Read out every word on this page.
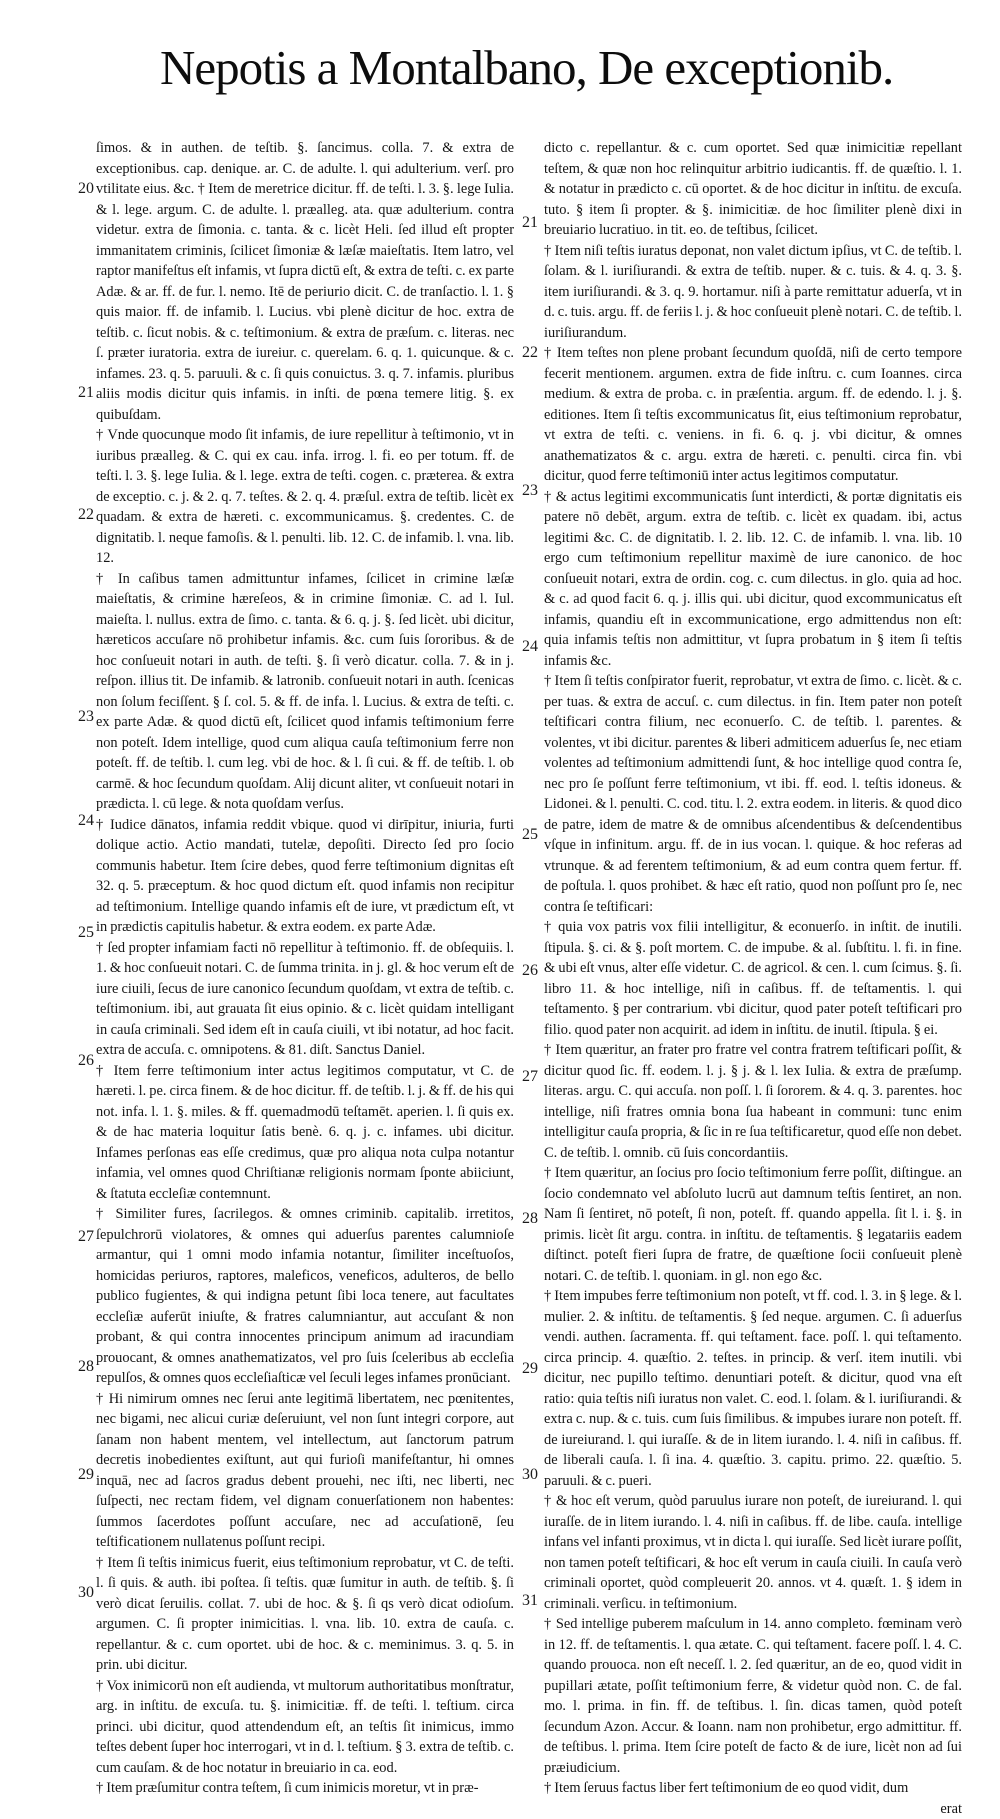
Nepotis a Montalbano, De exceptionib.

ſimos. & in authen. de teſtib. §. ſancimus. colla. 7. & extra de exceptionibus. cap. denique. ar. C. de adulte. l. qui adulterium. verſ. pro vtilitate eius. &c. † Item de meretrice dicitur. ff. de teſti. l. 3. §. lege Iulia. & l. lege. argum. C. de adulte. l. præalleg. ata. quæ adulterium. contra videtur. extra de ſimonia. c. tanta. & c. licèt Heli. ſed illud eſt propter immanitatem criminis, ſcilicet ſimoniæ & læſæ maieſtatis. Item latro, vel raptor manifeſtus eſt infamis, vt ſupra dictū eſt, & extra de teſti. c. ex parte Adæ. & ar. ff. de fur. l. nemo. Itē de periurio dicit. C. de tranſactio. l. 1. § quis maior. ff. de infamib. l. Lucius. vbi plenè dicitur de hoc. extra de teſtib. c. ſicut nobis. & c. teſtimonium. & extra de præſum. c. literas. nec ſ. præter iuratoria. extra de iureiur. c. querelam. 6. q. 1. quicunque. & c. infames. 23. q. 5. paruuli. & c. ſi quis conuictus. 3. q. 7. infamis. pluribus aliis modis dicitur quis infamis. in inſti. de pœna temere litig. §. ex quibuſdam.

† Vnde quocunque modo ſit infamis, de iure repellitur à teſtimonio, vt in iuribus præalleg. & C. qui ex cau. infa. irrog. l. fi. eo per totum. ff. de teſti. l. 3. §. lege Iulia. & l. lege. extra de teſti. cogen. c. præterea. & extra de exceptio. c. j. & 2. q. 7. teſtes. & 2. q. 4. præſul. extra de teſtib. licèt ex quadam. & extra de hæreti. c. excommunicamus. §. credentes. C. de dignitatib. l. neque famoſis. & l. penulti. lib. 12. C. de infamib. l. vna. lib. 12.

† In caſibus tamen admittuntur infames, ſcilicet in crimine læſæ maieſtatis, & crimine hæreſeos, & in crimine ſimoniæ. C. ad l. Iul. maieſta. l. nullus. extra de ſimo. c. tanta. & 6. q. j. §. ſed licèt. ubi dicitur, hæreticos accuſare nō prohibetur infamis. &c. cum ſuis ſororibus. & de hoc conſueuit notari in auth. de teſti. §. ſi verò dicatur. colla. 7. & in j. reſpon. illius tit. De infamib. & latronib. conſueuit notari in auth. ſcenicas non ſolum feciſſent. § ſ. col. 5. & ff. de infa. l. Lucius. & extra de teſti. c. ex parte Adæ. & quod dictū eſt, ſcilicet quod infamis teſtimonium ferre non poteſt. Idem intellige, quod cum aliqua cauſa teſtimonium ferre non poteſt. ff. de teſtib. l. cum leg. vbi de hoc. & l. ſi cui. & ff. de teſtib. l. ob carmē. & hoc ſecundum quoſdam. Alij dicunt aliter, vt conſueuit notari in prædicta. l. cū lege. & nota quoſdam verſus.

† Iudice dānatos, infamia reddit vbique. quod vi dirīpitur, iniuria, furti dolique actio. Actio mandati, tutelæ, depoſiti. Directo ſed pro ſocio communis habetur. Item ſcire debes, quod ferre teſtimonium dignitas eſt 32. q. 5. præceptum. & hoc quod dictum eſt. quod infamis non recipitur ad teſtimonium. Intellige quando infamis eſt de iure, vt prædictum eſt, vt in prædictis capitulis habetur. & extra eodem. ex parte Adæ.

† ſed propter infamiam facti nō repellitur à teſtimonio. ff. de obſequiis. l. 1. & hoc conſueuit notari. C. de ſumma trinita. in j. gl. & hoc verum eſt de iure ciuili, ſecus de iure canonico ſecundum quoſdam, vt extra de teſtib. c. teſtimonium. ibi, aut grauata ſit eius opinio. & c. licèt quidam intelligant in cauſa criminali. Sed idem eſt in cauſa ciuili, vt ibi notatur, ad hoc facit. extra de accuſa. c. omnipotens. & 81. diſt. Sanctus Daniel.

† Item ferre teſtimonium inter actus legitimos computatur, vt C. de hæreti. l. pe. circa finem. & de hoc dicitur. ff. de teſtib. l. j. & ff. de his qui not. infa. l. 1. §. miles. & ff. quemadmodū teſtamēt. aperien. l. ſi quis ex. & de hac materia loquitur ſatis benè. 6. q. j. c. infames. ubi dicitur. Infames perſonas eas eſſe credimus, quæ pro aliqua nota culpa notantur infamia, vel omnes quod Chriſtianæ religionis normam ſponte abiiciunt, & ſtatuta eccleſiæ contemnunt.

† Similiter fures, ſacrilegos. & omnes criminib. capitalib. irretitos, ſepulchrorū violatores, & omnes qui aduerſus parentes calumnioſe armantur, qui 1 omni modo infamia notantur, ſimiliter inceſtuoſos, homicidas periuros, raptores, maleficos, veneficos, adulteros, de bello publico fugientes, & qui indigna petunt ſibi loca tenere, aut facultates eccleſiæ auferūt iniuſte, & fratres calumniantur, aut accuſant & non probant, & qui contra innocentes principum animum ad iracundiam prouocant, & omnes anathematizatos, vel pro ſuis ſceleribus ab eccleſia repulſos, & omnes quos eccleſiaſticæ vel ſeculi leges infames pronūciant.

† Hi nimirum omnes nec ſerui ante legitimā libertatem, nec pœnitentes, nec bigami, nec alicui curiæ deſeruiunt, vel non ſunt integri corpore, aut ſanam non habent mentem, vel intellectum, aut ſanctorum patrum decretis inobedientes exiſtunt, aut qui furioſi manifeſtantur, hi omnes inquā, nec ad ſacros gradus debent prouehi, nec iſti, nec liberti, nec ſuſpecti, nec rectam fidem, vel dignam conuerſationem non habentes: ſummos ſacerdotes poſſunt accuſare, nec ad accuſationē, ſeu teſtificationem nullatenus poſſunt recipi.

† Item ſi teſtis inimicus fuerit, eius teſtimonium reprobatur, vt C. de teſti. l. ſi quis. & auth. ibi poſtea. ſi teſtis. quæ ſumitur in auth. de teſtib. §. ſi verò dicat ſeruilis. collat. 7. ubi de hoc. & §. ſi qs verò dicat odioſum. argumen. C. ſi propter inimicitias. l. vna. lib. 10. extra de cauſa. c. repellantur. & c. cum oportet. ubi de hoc. & c. meminimus. 3. q. 5. in prin. ubi dicitur.

† Vox inimicorū non eſt audienda, vt multorum authoritatibus monſtratur, arg. in inſtitu. de excuſa. tu. §. inimicitiæ. ff. de teſti. l. teſtium. circa princi. ubi dicitur, quod attendendum eſt, an teſtis ſit inimicus, immo teſtes debent ſuper hoc interrogari, vt in d. l. teſtium. § 3. extra de teſtib. c. cum cauſam. & de hoc notatur in breuiario in ca. eod.

† Item præſumitur contra teſtem, ſi cum inimicis moretur, vt in præ-

dicto c. repellantur. & c. cum oportet. Sed quæ inimicitiæ repellant teſtem, & quæ non hoc relinquitur arbitrio iudicantis. ff. de quæſtio. l. 1. & notatur in prædicto c. cū oportet. & de hoc dicitur in inſtitu. de excuſa. tuto. § item ſi propter. & §. inimicitiæ. de hoc ſimiliter plenè dixi in breuiario lucratiuo. in tit. eo. de teſtibus, ſcilicet.

† Item niſi teſtis iuratus deponat, non valet dictum ipſius, vt C. de teſtib. l. ſolam. & l. iuriſiurandi. & extra de teſtib. nuper. & c. tuis. & 4. q. 3. §. item iuriſiurandi. & 3. q. 9. hortamur. niſi à parte remittatur aduerſa, vt in d. c. tuis. argu. ff. de feriis l. j. & hoc conſueuit plenè notari. C. de teſtib. l. iuriſiurandum.

† Item teſtes non plene probant ſecundum quoſdā, niſi de certo tempore fecerit mentionem. argumen. extra de fide inſtru. c. cum Ioannes. circa medium. & extra de proba. c. in præſentia. argum. ff. de edendo. l. j. §. editiones. Item ſi teſtis excommunicatus ſit, eius teſtimonium reprobatur, vt extra de teſti. c. veniens. in fi. 6. q. j. vbi dicitur, & omnes anathematizatos & c. argu. extra de hæreti. c. penulti. circa fin. vbi dicitur, quod ferre teſtimoniū inter actus legitimos computatur.

† & actus legitimi excommunicatis ſunt interdicti, & portæ dignitatis eis patere nō debēt, argum. extra de teſtib. c. licèt ex quadam. ibi, actus legitimi &c. C. de dignitatib. l. 2. lib. 12. C. de infamib. l. vna. lib. 10 ergo cum teſtimonium repellitur maximè de iure canonico. de hoc conſueuit notari, extra de ordin. cog. c. cum dilectus. in glo. quia ad hoc. & c. ad quod facit 6. q. j. illis qui. ubi dicitur, quod excommunicatus eſt infamis, quandiu eſt in excommunicatione, ergo admittendus non eſt: quia infamis teſtis non admittitur, vt ſupra probatum in § item ſi teſtis infamis &c.

† Item ſi teſtis conſpirator fuerit, reprobatur, vt extra de ſimo. c. licèt. & c. per tuas. & extra de accuſ. c. cum dilectus. in fin. Item pater non poteſt teſtificari contra filium, nec econuerſo. C. de teſtib. l. parentes. & volentes, vt ibi dicitur. parentes & liberi admiticem aduerſus ſe, nec etiam volentes ad teſtimonium admittendi ſunt, & hoc intellige quod contra ſe, nec pro ſe poſſunt ferre teſtimonium, vt ibi. ff. eod. l. teſtis idoneus. & Lidonei. & l. penulti. C. cod. titu. l. 2. extra eodem. in literis. & quod dico de patre, idem de matre & de omnibus aſcendentibus & deſcendentibus vſque in infinitum. argu. ff. de in ius vocan. l. quique. & hoc referas ad vtrunque. & ad ferentem teſtimonium, & ad eum contra quem fertur. ff. de poſtula. l. quos prohibet. & hæc eſt ratio, quod non poſſunt pro ſe, nec contra ſe teſtificari:

† quia vox patris vox filii intelligitur, & econuerſo. in inſtit. de inutili. ſtipula. §. ci. & §. poſt mortem. C. de impube. & al. ſubſtitu. l. fi. in fine. & ubi eſt vnus, alter eſſe videtur. C. de agricol. & cen. l. cum ſcimus. §. ſi. libro 11. & hoc intellige, niſi in caſibus. ff. de teſtamentis. l. qui teſtamento. § per contrarium. vbi dicitur, quod pater poteſt teſtificari pro filio. quod pater non acquirit. ad idem in inſtitu. de inutil. ſtipula. § ei.

† Item quæritur, an frater pro fratre vel contra fratrem teſtificari poſſit, & dicitur quod ſic. ff. eodem. l. j. § j. & l. lex Iulia. & extra de præſump. literas. argu. C. qui accuſa. non poſſ. l. ſi ſororem. & 4. q. 3. parentes. hoc intellige, niſi fratres omnia bona ſua habeant in communi: tunc enim intelligitur cauſa propria, & ſic in re ſua teſtificaretur, quod eſſe non debet. C. de teſtib. l. omnib. cū ſuis concordantiis.

† Item quæritur, an ſocius pro ſocio teſtimonium ferre poſſit, diſtingue. an ſocio condemnato vel abſoluto lucrū aut damnum teſtis ſentiret, an non. Nam ſi ſentiret, nō poteſt, ſi non, poteſt. ff. quando appella. ſit l. i. §. in primis. licèt ſit argu. contra. in inſtitu. de teſtamentis. § legatariis eadem diſtinct. poteſt fieri ſupra de fratre, de quæſtione ſocii conſueuit plenè notari. C. de teſtib. l. quoniam. in gl. non ego &c.

† Item impubes ferre teſtimonium non poteſt, vt ff. cod. l. 3. in § lege. & l. mulier. 2. & inſtitu. de teſtamentis. § ſed neque. argumen. C. ſi aduerſus vendi. authen. ſacramenta. ff. qui teſtament. face. poſſ. l. qui teſtamento. circa princip. 4. quæſtio. 2. teſtes. in princip. & verſ. item inutili. vbi dicitur, nec pupillo teſtimo. denuntiari poteſt. & dicitur, quod vna eſt ratio: quia teſtis niſi iuratus non valet. C. eod. l. ſolam. & l. iuriſiurandi. & extra c. nup. & c. tuis. cum ſuis ſimilibus. & impubes iurare non poteſt. ff. de iureiurand. l. qui iuraſſe. & de in litem iurando. l. 4. niſi in caſibus. ff. de liberali cauſa. l. ſi ina. 4. quæſtio. 3. capitu. primo. 22. quæſtio. 5. paruuli. & c. pueri.

† & hoc eſt verum, quòd paruulus iurare non poteſt, de iureiurand. l. qui iuraſſe. de in litem iurando. l. 4. niſi in caſibus. ff. de libe. cauſa. intellige infans vel infanti proximus, vt in dicta l. qui iuraſſe. Sed licèt iurare poſſit, non tamen poteſt teſtificari, & hoc eſt verum in cauſa ciuili. In cauſa verò criminali oportet, quòd compleuerit 20. annos. vt 4. quæſt. 1. § idem in criminali. verſicu. in teſtimonium.

† Sed intellige puberem maſculum in 14. anno completo. fœminam verò in 12. ff. de teſtamentis. l. qua ætate. C. qui teſtament. facere poſſ. l. 4. C. quando prouoca. non eſt neceſſ. l. 2. ſed quæritur, an de eo, quod vidit in pupillari ætate, poſſit teſtimonium ferre, & videtur quòd non. C. de fal. mo. l. prima. in fin. ff. de teſtibus. l. ſin. dicas tamen, quòd poteſt ſecundum Azon. Accur. & Ioann. nam non prohibetur, ergo admittitur. ff. de teſtibus. l. prima. Item ſcire poteſt de facto & de iure, licèt non ad ſui præiudicium.

† Item ſeruus factus liber fert teſtimonium de eo quod vidit, dum

erat

20
21
22
23
24
25
26
27
28
29
30
21
22
23
24
25
26
27
28
29
30
31
